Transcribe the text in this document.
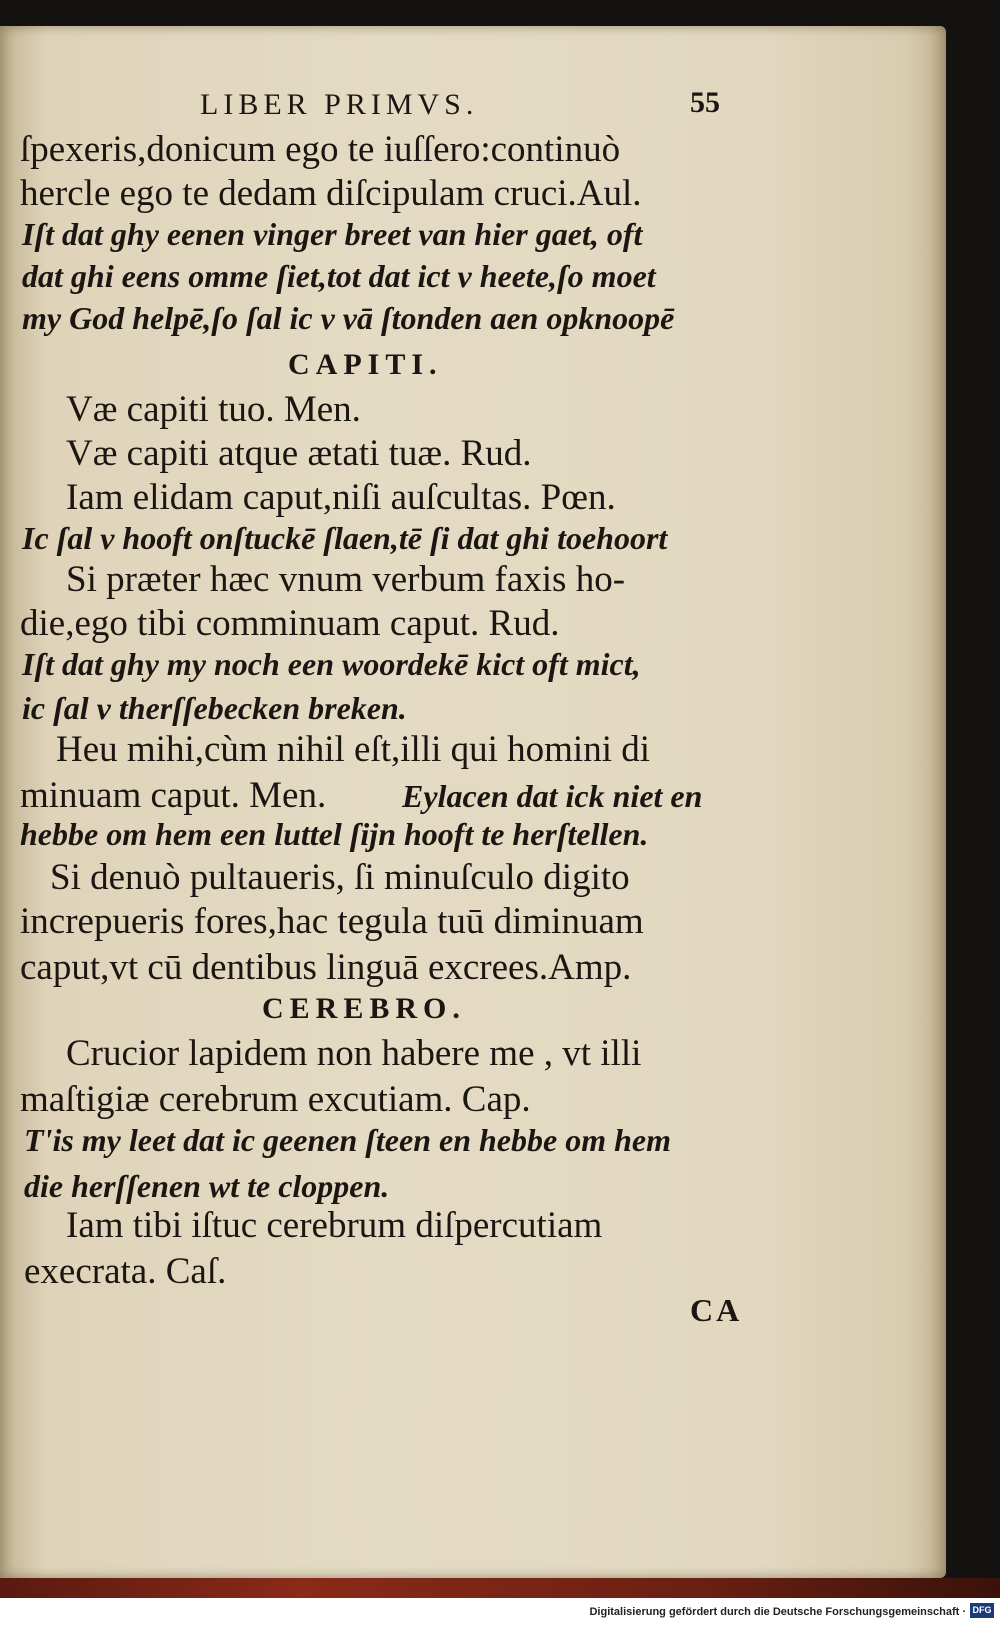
LIBER PRIMVS.	55
ſpexeris,donicum ego te iuſſero:continuò
hercle ego te dedam diſcipulam cruci.Aul.
Iſt dat ghy eenen vinger breet van hier gaet, oft
dat ghi eens omme ſiet,tot dat ict v heete,ſo moet
my God helpē,ſo ſal ic v vā ſtonden aen opknoopē
CAPITI.
Væ capiti tuo. Men.
Væ capiti atque ætati tuæ. Rud.
Iam elidam caput,niſi auſcultas. Pœn.
Ic ſal v hooft onſtuckē ſlaen,tē ſi dat ghi toehoort
Si præter hæc vnum verbum faxis ho-
die,ego tibi comminuam caput. Rud.
Iſt dat ghy my noch een woordekē kict oft mict,
ic ſal v therſſebecken breken.
Heu mihi,cùm nihil eſt,illi qui homini di
minuam caput. Men. Eylacen dat ick niet en
hebbe om hem een luttel ſijn hooft te herſtellen.
Si denuò pultaueris, ſi minuſculo digito
increpueris fores,hac tegula tuū diminuam
caput,vt cū dentibus linguā excrees.Amp.
CEREBRO.
Crucior lapidem non habere me , vt illi
maſtigiæ cerebrum excutiam. Cap.
T'is my leet dat ic geenen ſteen en hebbe om hem
die herſſenen wt te cloppen.
Iam tibi iſtuc cerebrum diſpercutiam
execrata. Caſ.
CA
Digitalisierung gefördert durch die Deutsche Forschungsgemeinschaft · DFG
